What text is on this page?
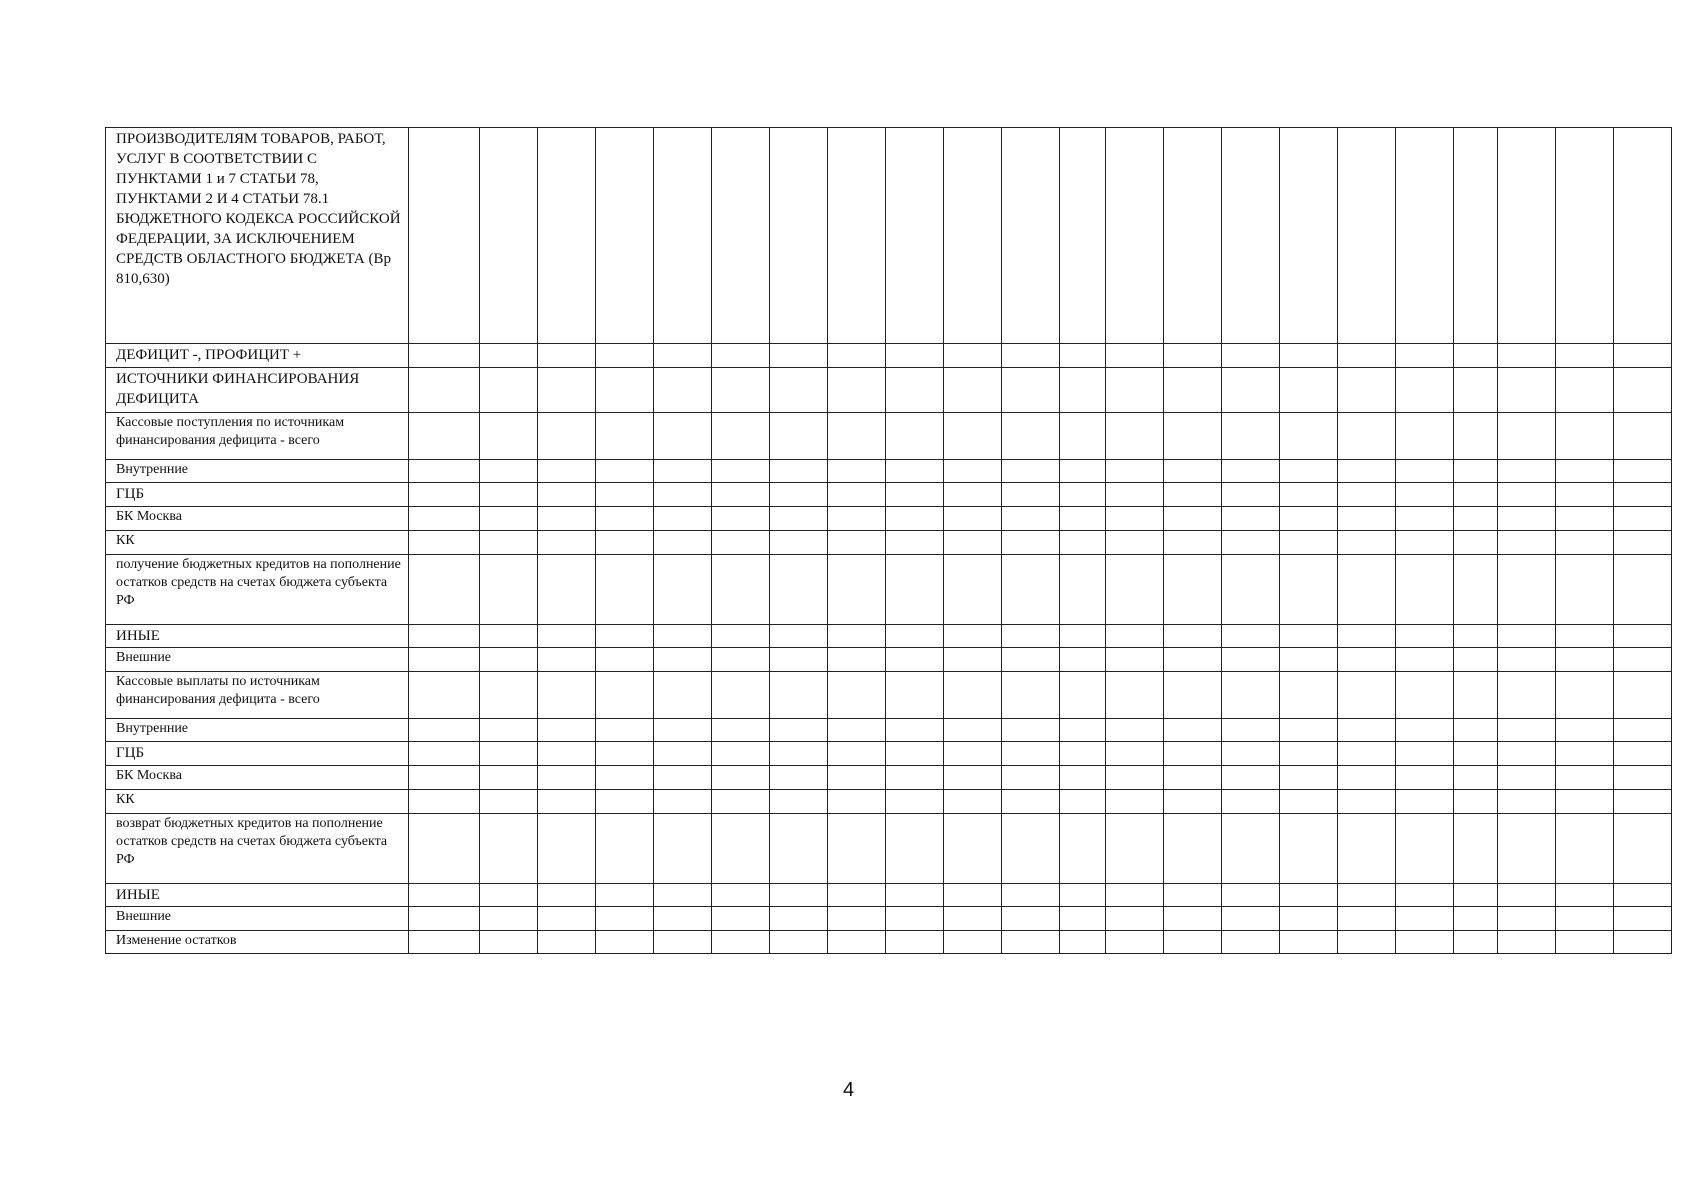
ПРОИЗВОДИТЕЛЯМ ТОВАРОВ, РАБОТ, УСЛУГ В СООТВЕТСТВИИ С ПУНКТАМИ 1 и 7 СТАТЬИ 78, ПУНКТАМИ 2 И 4 СТАТЬИ 78.1 БЮДЖЕТНОГО КОДЕКСА РОССИЙСКОЙ ФЕДЕРАЦИИ, ЗА ИСКЛЮЧЕНИЕМ СРЕДСТВ ОБЛАСТНОГО БЮДЖЕТА (Вр 810,630)																						
ДЕФИЦИТ -, ПРОФИЦИТ +																						
ИСТОЧНИКИ ФИНАНСИРОВАНИЯ ДЕФИЦИТА																						
Кассовые поступления по источникам финансирования дефицита - всего																						
Внутренние																						
ГЦБ																						
БК Москва																						
КК																						
получение бюджетных кредитов на пополнение остатков средств на счетах бюджета субъекта РФ																						
ИНЫЕ																						
Внешние																						
Кассовые выплаты по источникам финансирования дефицита - всего																						
Внутренние																						
ГЦБ																						
БК Москва																						
КК																						
возврат бюджетных кредитов на пополнение остатков средств на счетах бюджета субъекта РФ																						
ИНЫЕ																						
Внешние																						
Изменение остатков																						
4
